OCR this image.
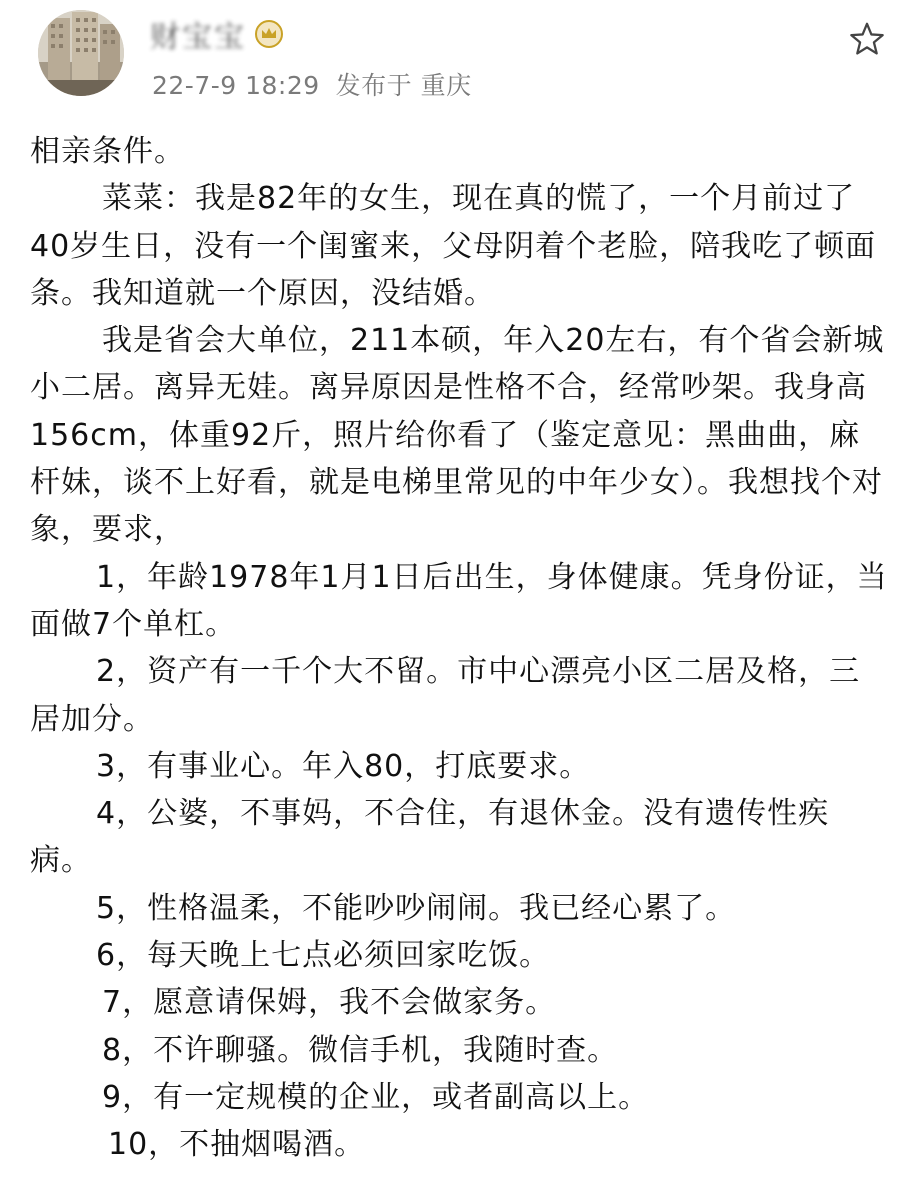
财宝宝
22-7-9 18:29 发布于 重庆

相亲条件。

菜菜：我是82年的女生，现在真的慌了，一个月前过了40岁生日，没有一个闺蜜来，父母阴着个老脸，陪我吃了顿面条。我知道就一个原因，没结婚。

我是省会大单位，211本硕，年入20左右，有个省会新城小二居。离异无娃。离异原因是性格不合，经常吵架。我身高156cm，体重92斤，照片给你看了（鉴定意见：黑曲曲，麻杆妹，谈不上好看，就是电梯里常见的中年少女）。我想找个对象，要求，

1，年龄1978年1月1日后出生，身体健康。凭身份证，当面做7个单杠。

2，资产有一千个大不留。市中心漂亮小区二居及格，三居加分。

3，有事业心。年入80，打底要求。

4，公婆，不事妈，不合住，有退休金。没有遗传性疾病。

5，性格温柔，不能吵吵闹闹。我已经心累了。

6，每天晚上七点必须回家吃饭。

7，愿意请保姆，我不会做家务。

8，不许聊骚。微信手机，我随时查。

9，有一定规模的企业，或者副高以上。

10，不抽烟喝酒。
